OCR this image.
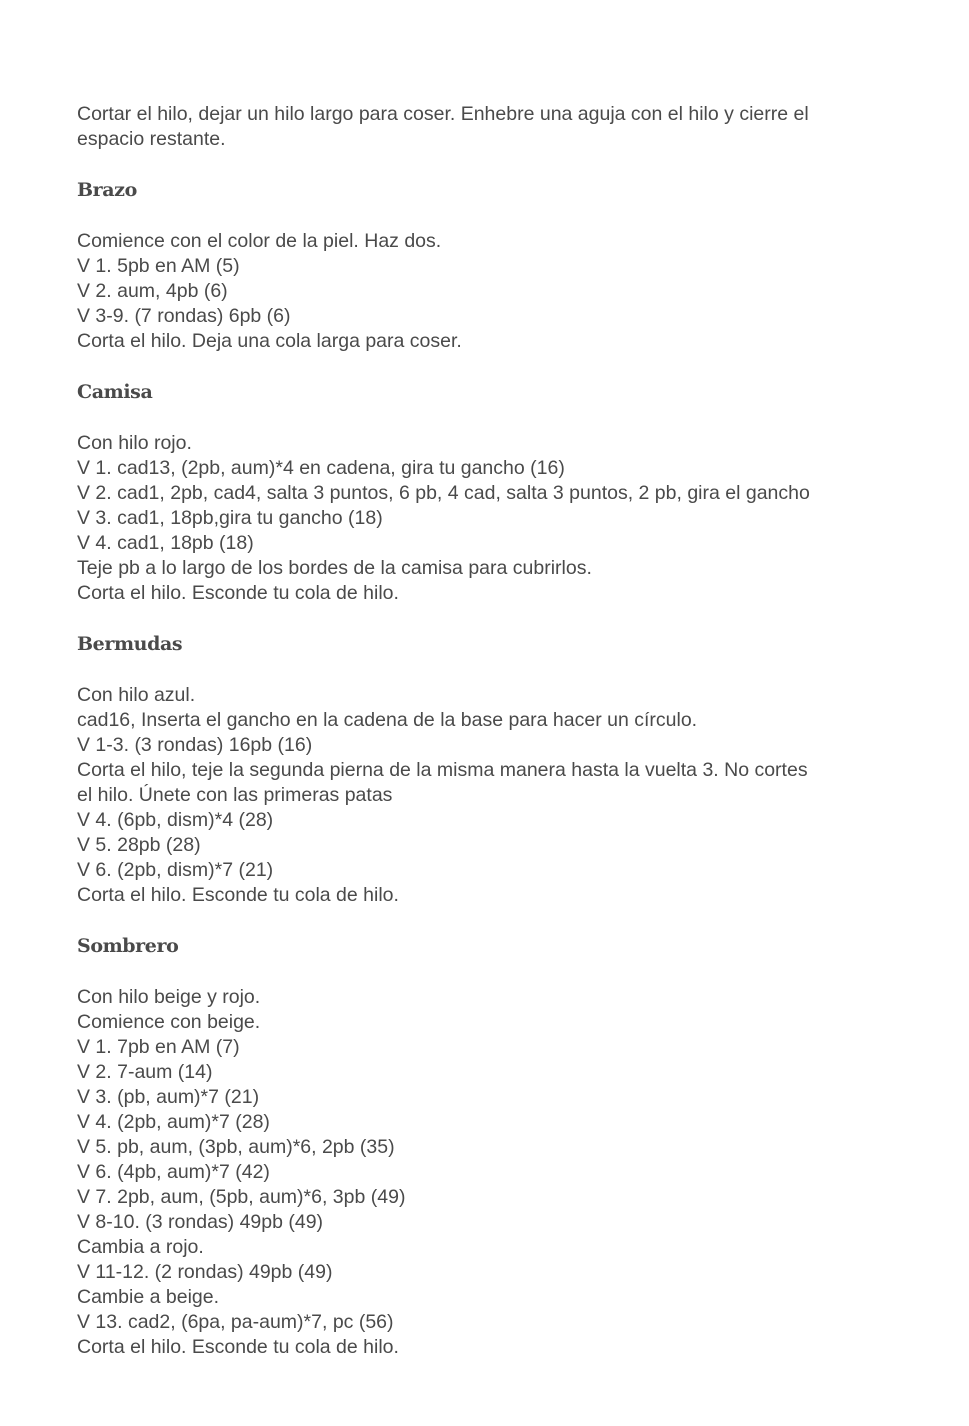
Cortar el hilo, dejar un hilo largo para coser. Enhebre una aguja con el hilo y cierre el
espacio restante.

Brazo

Comience con el color de la piel. Haz dos.
V 1. 5pb en AM (5)
V 2. aum, 4pb (6)
V 3-9. (7 rondas) 6pb (6)
Corta el hilo. Deja una cola larga para coser.

Camisa

Con hilo rojo.
V 1. cad13, (2pb, aum)*4 en cadena, gira tu gancho (16)
V 2. cad1, 2pb, cad4, salta 3 puntos, 6 pb, 4 cad, salta 3 puntos, 2 pb, gira el gancho
V 3. cad1, 18pb,gira tu gancho (18)
V 4. cad1, 18pb (18)
Teje pb a lo largo de los bordes de la camisa para cubrirlos.
Corta el hilo. Esconde tu cola de hilo.

Bermudas

Con hilo azul.
cad16, Inserta el gancho en la cadena de la base para hacer un círculo.
V 1-3. (3 rondas) 16pb (16)
Corta el hilo, teje la segunda pierna de la misma manera hasta la vuelta 3. No cortes
el hilo. Únete con las primeras patas
V 4. (6pb, dism)*4 (28)
V 5. 28pb (28)
V 6. (2pb, dism)*7 (21)
Corta el hilo. Esconde tu cola de hilo.

Sombrero

Con hilo beige y rojo.
Comience con beige.
V 1. 7pb en AM (7)
V 2. 7-aum (14)
V 3. (pb, aum)*7 (21)
V 4. (2pb, aum)*7 (28)
V 5. pb, aum, (3pb, aum)*6, 2pb (35)
V 6. (4pb, aum)*7 (42)
V 7. 2pb, aum, (5pb, aum)*6, 3pb (49)
V 8-10. (3 rondas) 49pb (49)
Cambia a rojo.
V 11-12. (2 rondas) 49pb (49)
Cambie a beige.
V 13. cad2, (6pa, pa-aum)*7, pc (56)
Corta el hilo. Esconde tu cola de hilo.
